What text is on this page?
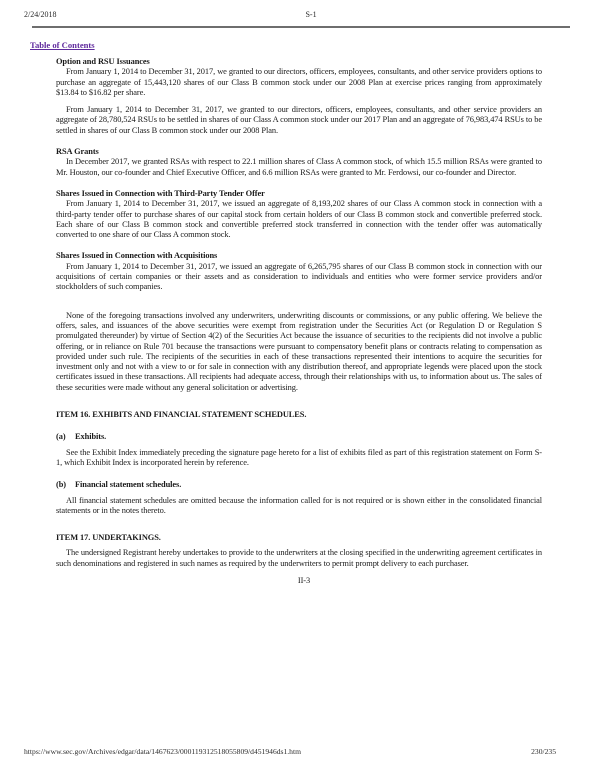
2/24/2018	S-1
Table of Contents
Option and RSU Issuances

From January 1, 2014 to December 31, 2017, we granted to our directors, officers, employees, consultants, and other service providers options to purchase an aggregate of 15,443,120 shares of our Class B common stock under our 2008 Plan at exercise prices ranging from approximately $13.84 to $16.82 per share.

From January 1, 2014 to December 31, 2017, we granted to our directors, officers, employees, consultants, and other service providers an aggregate of 28,780,524 RSUs to be settled in shares of our Class A common stock under our 2017 Plan and an aggregate of 76,983,474 RSUs to be settled in shares of our Class B common stock under our 2008 Plan.

RSA Grants

In December 2017, we granted RSAs with respect to 22.1 million shares of Class A common stock, of which 15.5 million RSAs were granted to Mr. Houston, our co-founder and Chief Executive Officer, and 6.6 million RSAs were granted to Mr. Ferdowsi, our co-founder and Director.

Shares Issued in Connection with Third-Party Tender Offer

From January 1, 2014 to December 31, 2017, we issued an aggregate of 8,193,202 shares of our Class A common stock in connection with a third-party tender offer to purchase shares of our capital stock from certain holders of our Class B common stock and convertible preferred stock. Each share of our Class B common stock and convertible preferred stock transferred in connection with the tender offer was automatically converted to one share of our Class A common stock.

Shares Issued in Connection with Acquisitions

From January 1, 2014 to December 31, 2017, we issued an aggregate of 6,265,795 shares of our Class B common stock in connection with our acquisitions of certain companies or their assets and as consideration to individuals and entities who were former service providers and/or stockholders of such companies.

None of the foregoing transactions involved any underwriters, underwriting discounts or commissions, or any public offering. We believe the offers, sales, and issuances of the above securities were exempt from registration under the Securities Act (or Regulation D or Regulation S promulgated thereunder) by virtue of Section 4(2) of the Securities Act because the issuance of securities to the recipients did not involve a public offering, or in reliance on Rule 701 because the transactions were pursuant to compensatory benefit plans or contracts relating to compensation as provided under such rule. The recipients of the securities in each of these transactions represented their intentions to acquire the securities for investment only and not with a view to or for sale in connection with any distribution thereof, and appropriate legends were placed upon the stock certificates issued in these transactions. All recipients had adequate access, through their relationships with us, to information about us. The sales of these securities were made without any general solicitation or advertising.

ITEM 16. EXHIBITS AND FINANCIAL STATEMENT SCHEDULES.
(a) Exhibits.

See the Exhibit Index immediately preceding the signature page hereto for a list of exhibits filed as part of this registration statement on Form S-1, which Exhibit Index is incorporated herein by reference.

(b) Financial statement schedules.

All financial statement schedules are omitted because the information called for is not required or is shown either in the consolidated financial statements or in the notes thereto.

ITEM 17. UNDERTAKINGS.

The undersigned Registrant hereby undertakes to provide to the underwriters at the closing specified in the underwriting agreement certificates in such denominations and registered in such names as required by the underwriters to permit prompt delivery to each purchaser.

II-3

https://www.sec.gov/Archives/edgar/data/1467623/000119312518055809/d451946ds1.htm	230/235
